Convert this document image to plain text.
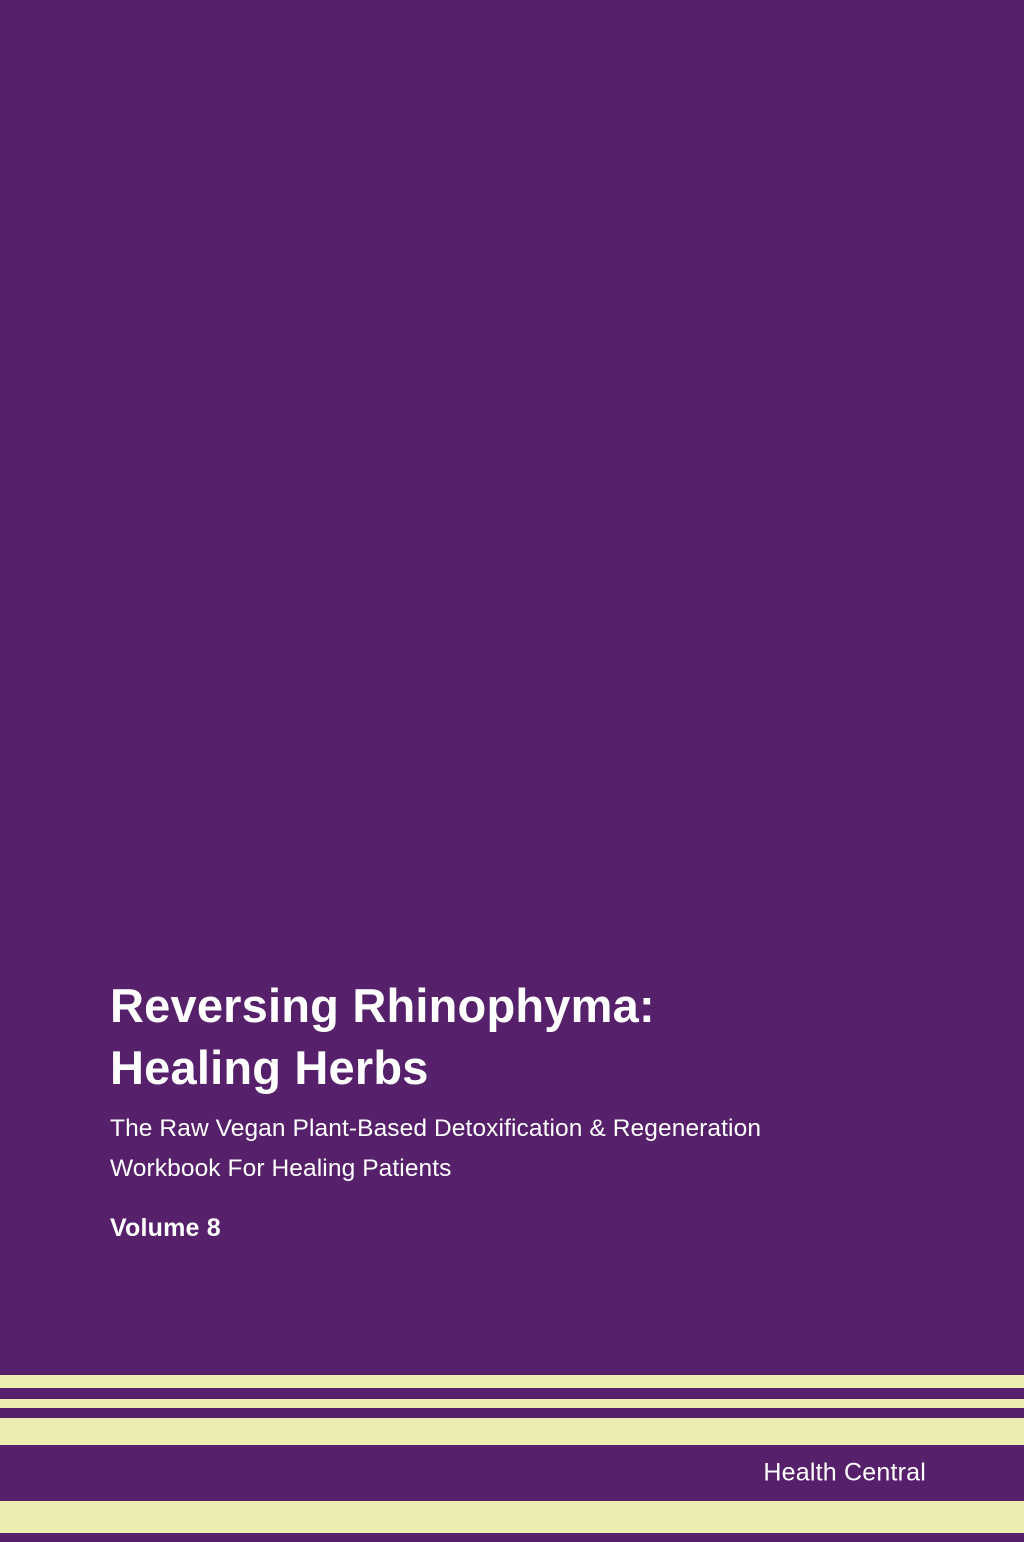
Reversing Rhinophyma: Healing Herbs

The Raw Vegan Plant-Based Detoxification & Regeneration Workbook For Healing Patients

Volume 8
Health Central
